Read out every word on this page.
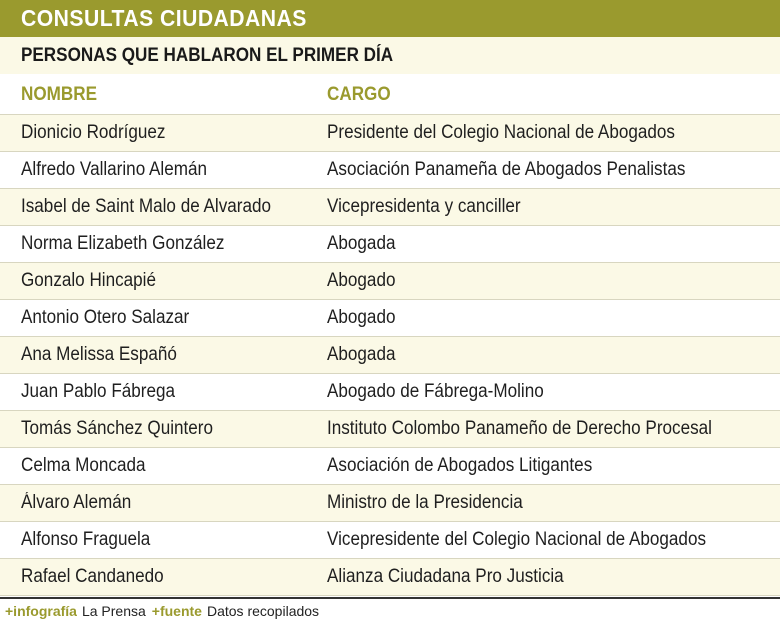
CONSULTAS CIUDADANAS
PERSONAS QUE HABLARON EL PRIMER DÍA
NOMBRE	CARGO
Dionicio Rodríguez	Presidente del Colegio Nacional de Abogados
Alfredo Vallarino Alemán	Asociación Panameña de Abogados Penalistas
Isabel de Saint Malo de Alvarado	Vicepresidenta y canciller
Norma Elizabeth González	Abogada
Gonzalo Hincapié	Abogado
Antonio Otero Salazar	Abogado
Ana Melissa Españó	Abogada
Juan Pablo Fábrega	Abogado de Fábrega-Molino
Tomás Sánchez Quintero	Instituto Colombo Panameño de Derecho Procesal
Celma Moncada	Asociación de Abogados Litigantes
Álvaro Alemán	Ministro de la Presidencia
Alfonso Fraguela	Vicepresidente del Colegio Nacional de Abogados
Rafael Candanedo	Alianza Ciudadana Pro Justicia
+infografía La Prensa +fuente Datos recopilados
